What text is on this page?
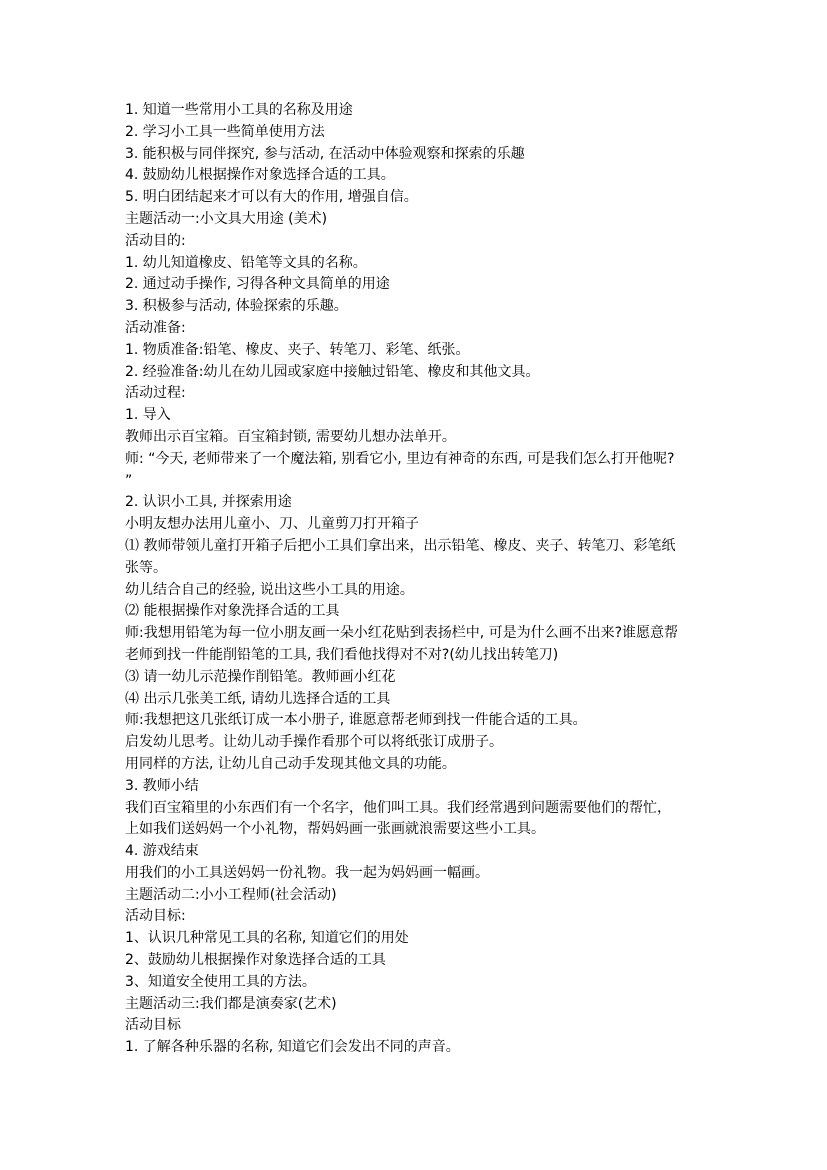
1. 知道一些常用小工具的名称及用途
2. 学习小工具一些简单使用方法
3. 能积极与同伴探究, 参与活动, 在活动中体验观察和探索的乐趣
4. 鼓励幼儿根据操作对象选择合适的工具。
5. 明白团结起来才可以有大的作用, 增强自信。
主题活动一:小文具大用途 (美术)
活动目的:
1. 幼儿知道橡皮、铅笔等文具的名称。
2. 通过动手操作, 习得各种文具简单的用途
3. 积极参与活动, 体验探索的乐趣。
活动准备:
1. 物质准备:铅笔、橡皮、夹子、转笔刀、彩笔、纸张。
2. 经验准备:幼儿在幼儿园或家庭中接触过铅笔、橡皮和其他文具。
活动过程:
1. 导入
教师出示百宝箱。百宝箱封锁, 需要幼儿想办法单开。
师: “今天, 老师带来了一个魔法箱, 别看它小, 里边有神奇的东西, 可是我们怎么打开他呢?
”
2. 认识小工具, 并探索用途
小明友想办法用儿童小、刀、儿童剪刀打开箱子
⑴ 教师带领儿童打开箱子后把小工具们拿出来，出示铅笔、橡皮、夹子、转笔刀、彩笔纸
张等。
幼儿结合自己的经验, 说出这些小工具的用途。
⑵ 能根据操作对象洗择合适的工具
师:我想用铅笔为每一位小朋友画一朵小红花贴到表扬栏中, 可是为什么画不出来?谁愿意帮
老师到找一件能削铅笔的工具, 我们看他找得对不对?(幼儿找出转笔刀)
⑶ 请一幼儿示范操作削铅笔。教师画小红花
⑷ 出示几张美工纸, 请幼儿选择合适的工具
师:我想把这几张纸订成一本小册子, 谁愿意帮老师到找一件能合适的工具。
启发幼儿思考。让幼儿动手操作看那个可以将纸张订成册子。
用同样的方法, 让幼儿自己动手发现其他文具的功能。
3. 教师小结
我们百宝箱里的小东西们有一个名字，他们叫工具。我们经常遇到问题需要他们的帮忙，
上如我们送妈妈一个小礼物，帮妈妈画一张画就浪需要这些小工具。
4. 游戏结束
用我们的小工具送妈妈一份礼物。我一起为妈妈画一幅画。
主题活动二:小小工程师(社会活动)
活动目标:
1、认识几种常见工具的名称, 知道它们的用处
2、鼓励幼儿根据操作对象选择合适的工具
3、知道安全使用工具的方法。
主题活动三:我们都是演奏家(艺术)
活动目标
1. 了解各种乐器的名称, 知道它们会发出不同的声音。
